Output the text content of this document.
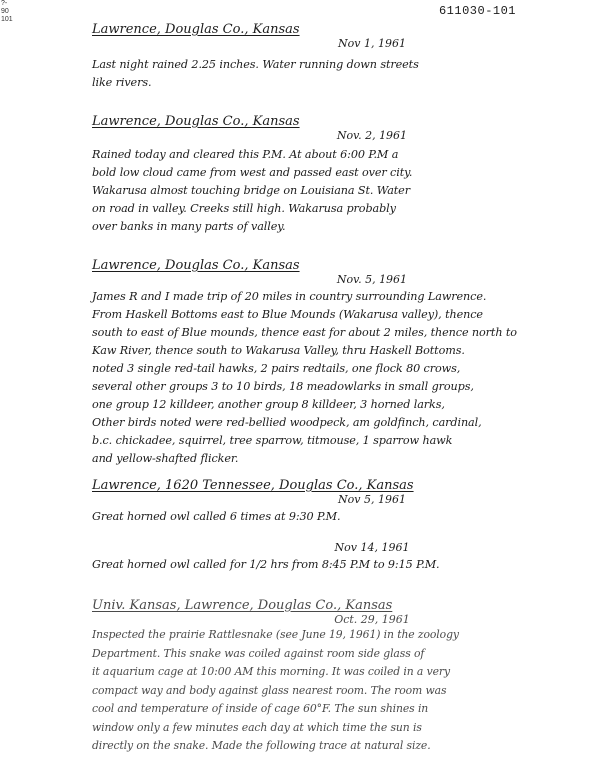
611030-101
?-
90
101
Lawrence, Douglas Co., Kansas
Nov 1, 1961
Last night rained 2.25 inches. Water running down streets
like rivers.
Lawrence, Douglas Co., Kansas
Nov. 2, 1961
Rained today and cleared this P.M. At about 6:00 P.M a
bold low cloud came from west and passed east over city.
Wakarusa almost touching bridge on Louisiana St. Water
on road in valley. Creeks still high. Wakarusa probably
over banks in many parts of valley.
Lawrence, Douglas Co., Kansas
Nov. 5, 1961
James R and I made trip of 20 miles in country surrounding Lawrence.
From Haskell Bottoms east to Blue Mounds (Wakarusa valley), thence
south to east of Blue mounds, thence east for about 2 miles, thence north to
Kaw River, thence south to Wakarusa Valley, thru Haskell Bottoms.
noted 3 single red-tail hawks, 2 pairs redtails, one flock 80 crows,
several other groups 3 to 10 birds, 18 meadowlarks in small groups,
one group 12 killdeer, another group 8 killdeer, 3 horned larks,
Other birds noted were red-bellied woodpeck, am goldfinch, cardinal,
b.c. chickadee, squirrel, tree sparrow, titmouse, 1 sparrow hawk
and yellow-shafted flicker.
Lawrence, 1620 Tennessee, Douglas Co., Kansas
Nov 5, 1961
Great horned owl called 6 times at 9:30 P.M.
Nov 14, 1961
Great horned owl called for 1/2 hrs from 8:45 P.M to 9:15 P.M.
Univ. Kansas, Lawrence, Douglas Co., Kansas
Oct. 29, 1961
Inspected the prairie Rattlesnake (see June 19, 1961) in the zoology
Department. This snake was coiled against room side glass of
it aquarium cage at 10:00 AM this morning. It was coiled in a very
compact way and body against glass nearest room. The room was
cool and temperature of inside of cage 60°F. The sun shines in
window only a few minutes each day at which time the sun is
directly on the snake. Made the following trace at natural size.
